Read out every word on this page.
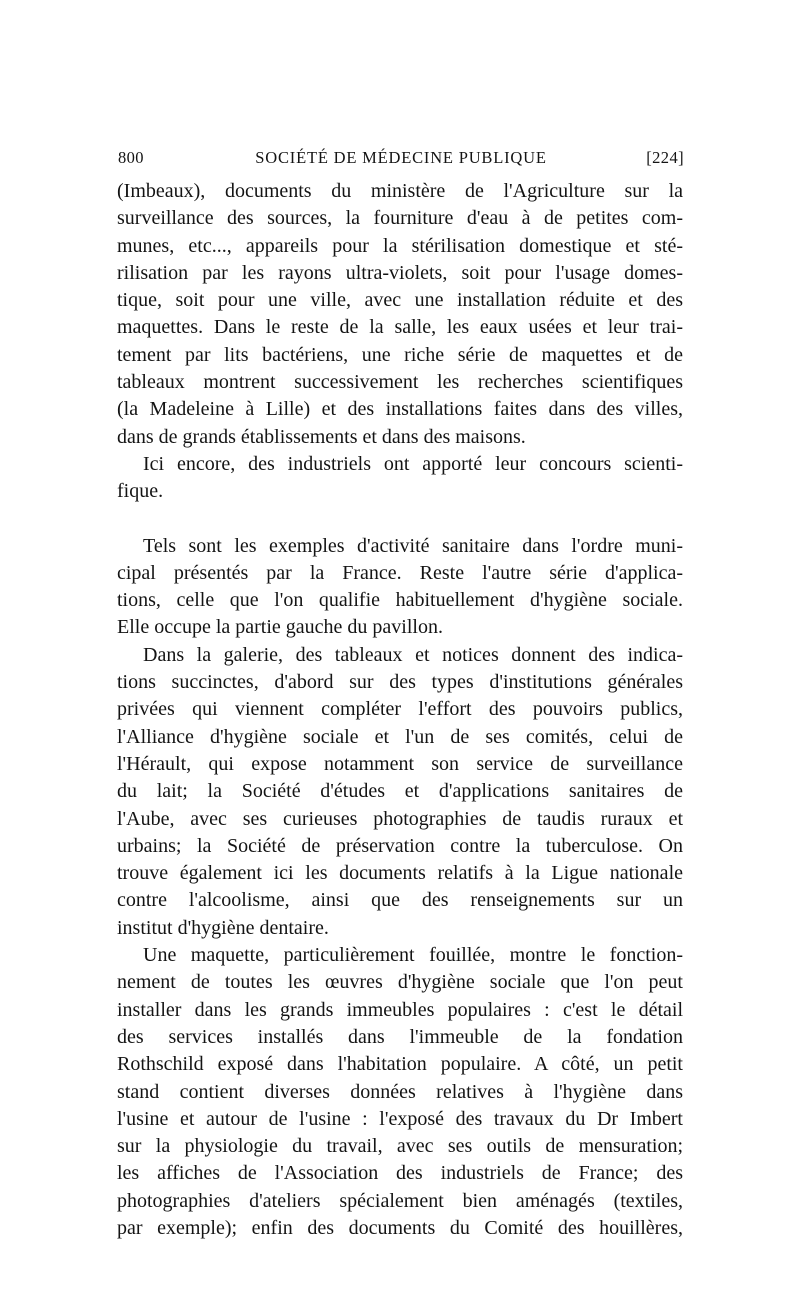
800	SOCIÉTÉ DE MÉDECINE PUBLIQUE	[224]
(Imbeaux), documents du ministère de l'Agriculture sur la
surveillance des sources, la fourniture d'eau à de petites com-
munes, etc..., appareils pour la stérilisation domestique et sté-
rilisation par les rayons ultra-violets, soit pour l'usage domes-
tique, soit pour une ville, avec une installation réduite et des
maquettes. Dans le reste de la salle, les eaux usées et leur trai-
tement par lits bactériens, une riche série de maquettes et de
tableaux montrent successivement les recherches scientifiques
(la Madeleine à Lille) et des installations faites dans des villes,
dans de grands établissements et dans des maisons.
Ici encore, des industriels ont apporté leur concours scienti-
fique.
Tels sont les exemples d'activité sanitaire dans l'ordre muni-
cipal présentés par la France. Reste l'autre série d'applica-
tions, celle que l'on qualifie habituellement d'hygiène sociale.
Elle occupe la partie gauche du pavillon.
Dans la galerie, des tableaux et notices donnent des indica-
tions succinctes, d'abord sur des types d'institutions générales
privées qui viennent compléter l'effort des pouvoirs publics,
l'Alliance d'hygiène sociale et l'un de ses comités, celui de
l'Hérault, qui expose notamment son service de surveillance
du lait; la Société d'études et d'applications sanitaires de
l'Aube, avec ses curieuses photographies de taudis ruraux et
urbains; la Société de préservation contre la tuberculose. On
trouve également ici les documents relatifs à la Ligue nationale
contre l'alcoolisme, ainsi que des renseignements sur un
institut d'hygiène dentaire.
Une maquette, particulièrement fouillée, montre le fonction-
nement de toutes les œuvres d'hygiène sociale que l'on peut
installer dans les grands immeubles populaires : c'est le détail
des services installés dans l'immeuble de la fondation
Rothschild exposé dans l'habitation populaire. A côté, un petit
stand contient diverses données relatives à l'hygiène dans
l'usine et autour de l'usine : l'exposé des travaux du Dr Imbert
sur la physiologie du travail, avec ses outils de mensuration;
les affiches de l'Association des industriels de France; des
photographies d'ateliers spécialement bien aménagés (textiles,
par exemple); enfin des documents du Comité des houillères,
